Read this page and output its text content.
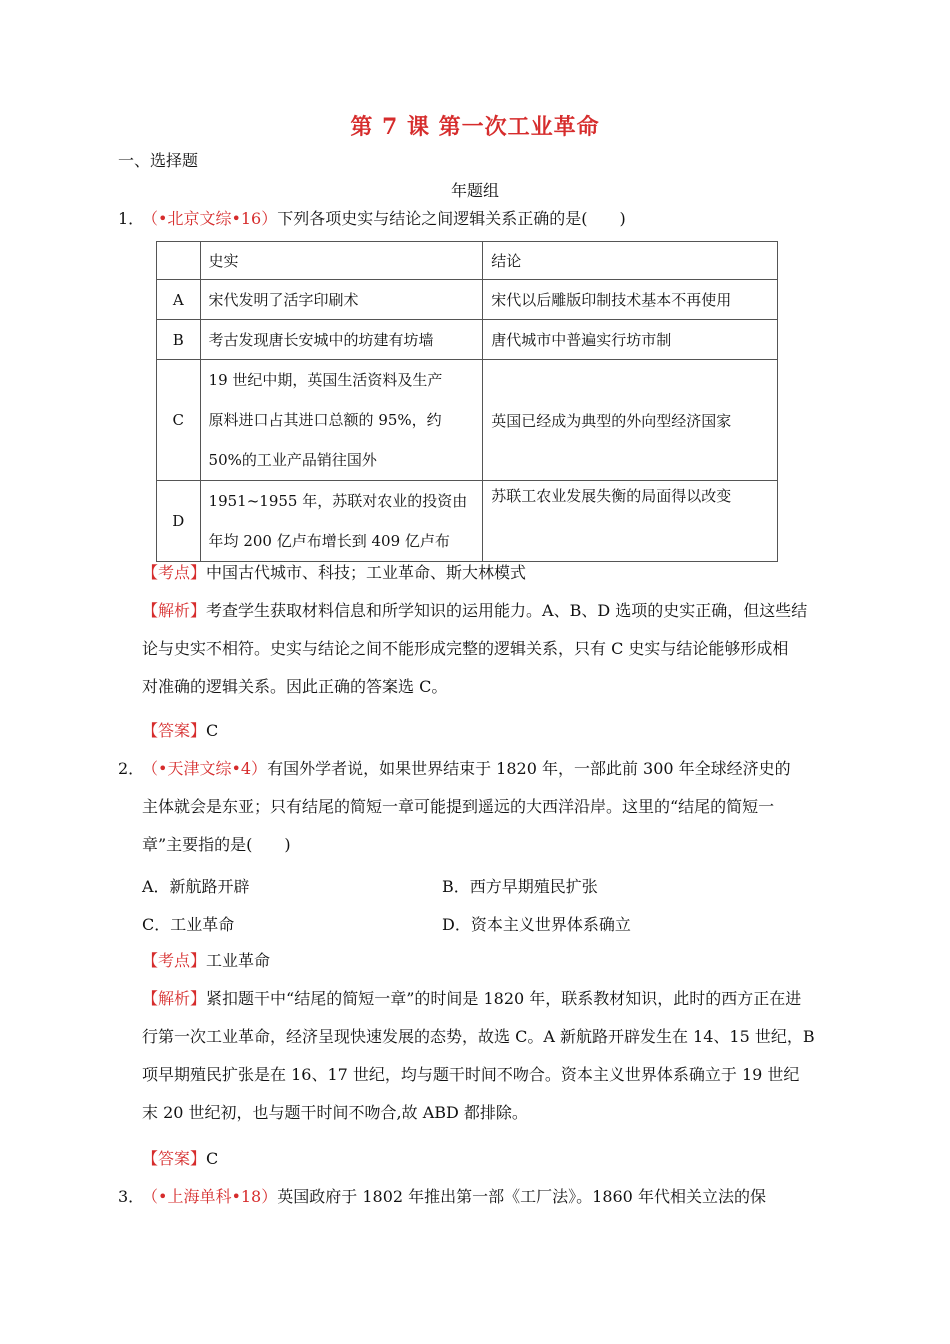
第 7 课 第一次工业革命
一、选择题
年题组
1．（•北京文综•16）下列各项史实与结论之间逻辑关系正确的是(　　)
	史实	结论
A	宋代发明了活字印刷术	宋代以后雕版印制技术基本不再使用
B	考古发现唐长安城中的坊建有坊墙	唐代城市中普遍实行坊市制
C	19 世纪中期，英国生活资料及生产
原料进口占其进口总额的 95%，约
50%的工业产品销往国外	英国已经成为典型的外向型经济国家
D	1951~1955 年，苏联对农业的投资由
年均 200 亿卢布增长到 409 亿卢布	苏联工农业发展失衡的局面得以改变
【考点】中国古代城市、科技；工业革命、斯大林模式
【解析】考查学生获取材料信息和所学知识的运用能力。A、B、D 选项的史实正确，但这些结
论与史实不相符。史实与结论之间不能形成完整的逻辑关系，只有 C 史实与结论能够形成相
对准确的逻辑关系。因此正确的答案选 C。
【答案】C
2．（•天津文综•4）有国外学者说，如果世界结束于 1820 年，一部此前 300 年全球经济史的
主体就会是东亚；只有结尾的简短一章可能提到遥远的大西洋沿岸。这里的“结尾的简短一
章”主要指的是(　　)
A．新航路开辟	B．西方早期殖民扩张
C．工业革命	D．资本主义世界体系确立
【考点】工业革命
【解析】紧扣题干中“结尾的简短一章”的时间是 1820 年，联系教材知识，此时的西方正在进
行第一次工业革命，经济呈现快速发展的态势，故选 C。A 新航路开辟发生在 14、15 世纪，B
项早期殖民扩张是在 16、17 世纪，均与题干时间不吻合。资本主义世界体系确立于 19 世纪
末 20 世纪初，也与题干时间不吻合,故 ABD 都排除。
【答案】C
3．（•上海单科•18）英国政府于 1802 年推出第一部《工厂法》。1860 年代相关立法的保
